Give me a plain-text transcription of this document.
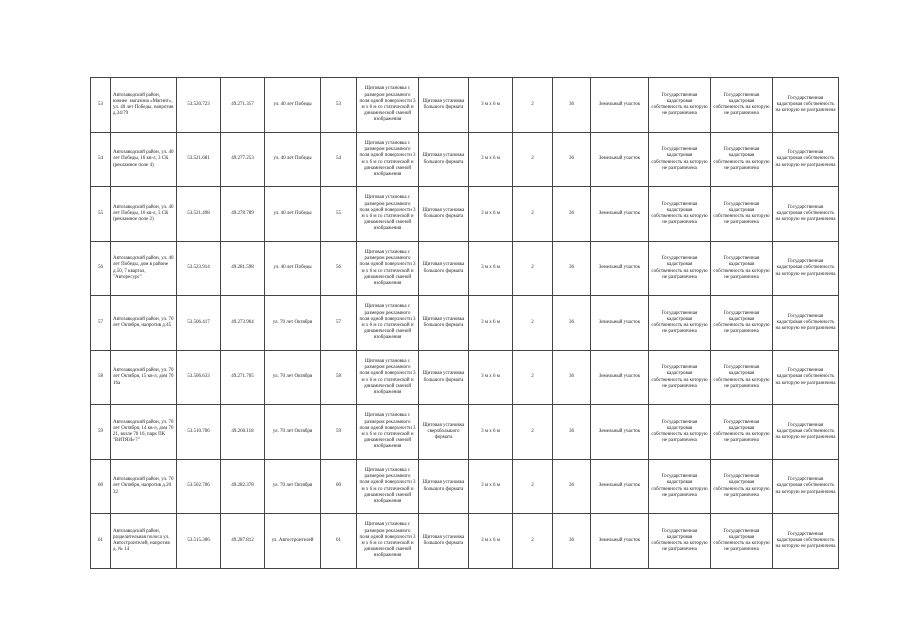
53	Автозаводский район, южнее  магазина «Магнит», ул. 40 лет Победы, напротив д.34/79	53.520.723	49.271.357	ул. 40 лет Победы	53	Щитовая установка с размером рекламного поля одной поверхности 3 м x 6 м со статической и динамической сменой изображения	Щитовая установка большого формата	3 м x 6 м	2	36	Земельный участок	Государственная кадастровая собственность на которую не разграничена	Государственная кадастровая собственность на которую не разграничена	Государственная кадастровая собственность на которую не разграничена
54	Автозаводский район, ул. 40 лет Победы, 16 кв-л, 3 СК (рекламное поле 4)	53.521.681	49.277.253	ул. 40 лет Победы	54	Щитовая установка с размером рекламного поля одной поверхности 3 м x 6 м со статической и динамической сменой изображения	Щитовая установка большого формата	3 м x 6 м	2	36	Земельный участок	Государственная кадастровая собственность на которую не разграничена	Государственная кадастровая собственность на которую не разграничена	Государственная кадастровая собственность на которую не разграничена
55	Автозаводский район, ул. 40 лет Победы, 16 кв-л, 3 СК (рекламное поле 2)	53.521.498	49.278.789	ул. 40 лет Победы	55	Щитовая установка с размером рекламного поля одной поверхности 3 м x 6 м со статической и динамической сменой изображения	Щитовая установка большого формата	3 м x 6 м	2	36	Земельный участок	Государственная кадастровая собственность на которую не разграничена	Государственная кадастровая собственность на которую не разграничена	Государственная кадастровая собственность на которую не разграничена
56	Автозаводский район, ул. 40 лет Победы, дом в районе д.50, 7 квартал, "Авторесурс"	53.523.914	49.281.598	ул. 40 лет Победы	56	Щитовая установка с размером рекламного поля одной поверхности 3 м x 6 м со статической и динамической сменой изображения	Щитовая установка большого формата	3 м x 6 м	2	36	Земельный участок	Государственная кадастровая собственность на которую не разграничена	Государственная кадастровая собственность на которую не разграничена	Государственная кадастровая собственность на которую не разграничена
57	Автозаводский район, ул. 70 лет Октября, напротив д.45	53.506.417	49.273.964	ул. 70 лет Октября	57	Щитовая установка с размером рекламного поля одной поверхности 3 м x 6 м со статической и динамической сменой изображения	Щитовая установка большого формата	3 м x 6 м	2	36	Земельный участок	Государственная кадастровая собственность на которую не разграничена	Государственная кадастровая собственность на которую не разграничена	Государственная кадастровая собственность на которую не разграничена
58	Автозаводский район, ул. 70 лет Октября, 15 кв-л, дом 70 16а	53.506.633	49.271.705	ул. 70 лет Октября	58	Щитовая установка с размером рекламного поля одной поверхности 3 м x 6 м со статической и динамической сменой изображения	Щитовая установка большого формата	3 м x 6 м	2	36	Земельный участок	Государственная кадастровая собственность на которую не разграничена	Государственная кадастровая собственность на которую не разграничена	Государственная кадастровая собственность на которую не разграничена
59	Автозаводский район, ул. 70 лет Октября, 14 кв-л, дом 70 21, возле 70 16, парк ПК "ВИТЯЗЬ-7"	53.510.706	49.260.118	ул. 70 лет Октября	59	Щитовая установка с размером рекламного поля одной поверхности 3 м x 6 м со статической и динамической сменой изображения	Щитовая установка сверхбольшого формата	3 м x 6 м	2	36	Земельный участок	Государственная кадастровая собственность на которую не разграничена	Государственная кадастровая собственность на которую не разграничена	Государственная кадастровая собственность на которую не разграничена
60	Автозаводский район, ул. 70 лет Октября, напротив д.20 32	53.502.706	49.282.378	ул. 70 лет Октября	60	Щитовая установка с размером рекламного поля одной поверхности 3 м x 6 м со статической и динамической сменой изображения	Щитовая установка большого формата	3 м x 6 м	2	36	Земельный участок	Государственная кадастровая собственность на которую не разграничена	Государственная кадастровая собственность на которую не разграничена	Государственная кадастровая собственность на которую не разграничена
61	Автозаводский район, разделительная полоса ул. Автостроителей, напротив д. № 14	53.515.306	49.287.812	ул. Автостроителей	61	Щитовая установка с размером рекламного поля одной поверхности 3 м x 6 м со статической и динамической сменой изображения	Щитовая установка большого формата	3 м x 6 м	2	36	Земельный участок	Государственная кадастровая собственность на которую не разграничена	Государственная кадастровая собственность на которую не разграничена	Государственная кадастровая собственность на которую не разграничена
